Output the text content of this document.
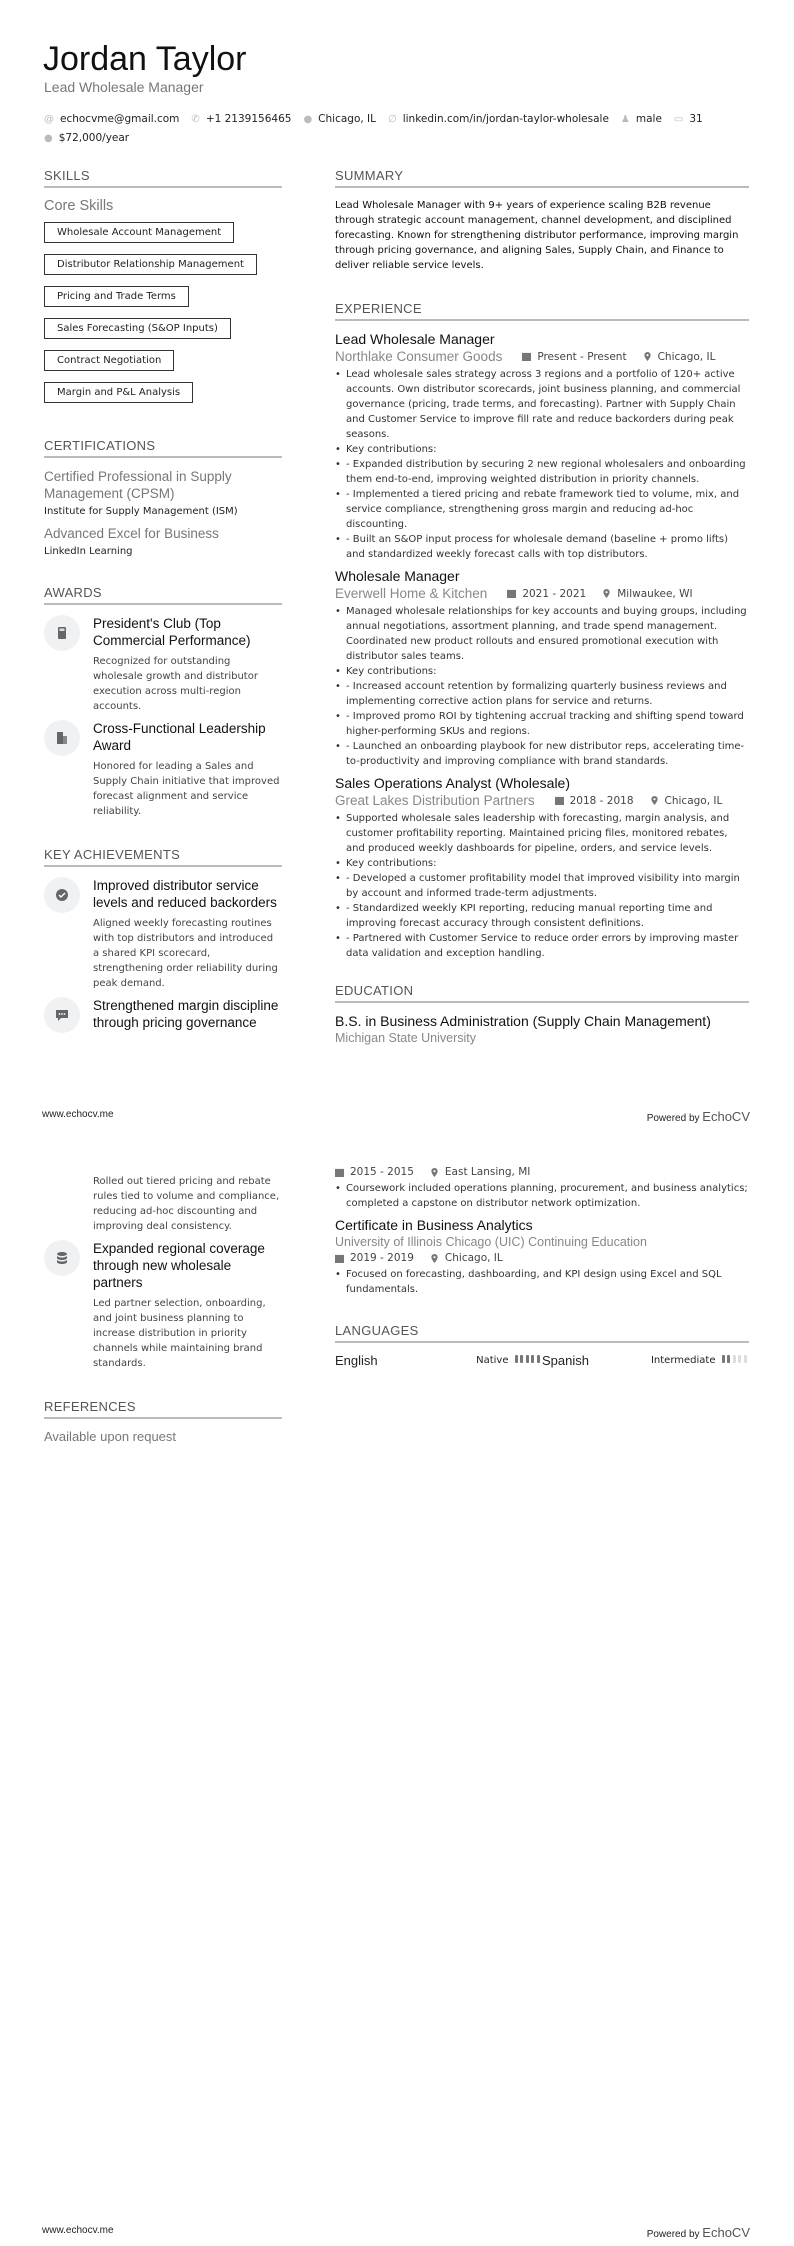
Jordan Taylor
Lead Wholesale Manager
@ echocvme@gmail.com ✆ +1 2139156465 ● Chicago, IL ∅ linkedin.com/in/jordan-taylor-wholesale ♟ male ▭ 31
● $72,000/year
SKILLS
Core Skills
Wholesale Account Management
Distributor Relationship Management
Pricing and Trade Terms
Sales Forecasting (S&OP Inputs)
Contract Negotiation
Margin and P&L Analysis
CERTIFICATIONS
Certified Professional in Supply Management (CPSM)
Institute for Supply Management (ISM)
Advanced Excel for Business
LinkedIn Learning
AWARDS
President's Club (Top Commercial Performance)
Recognized for outstanding wholesale growth and distributor execution across multi-region accounts.
Cross-Functional Leadership Award
Honored for leading a Sales and Supply Chain initiative that improved forecast alignment and service reliability.
KEY ACHIEVEMENTS
Improved distributor service levels and reduced backorders
Aligned weekly forecasting routines with top distributors and introduced a shared KPI scorecard, strengthening order reliability during peak demand.
Strengthened margin discipline through pricing governance
SUMMARY
Lead Wholesale Manager with 9+ years of experience scaling B2B revenue through strategic account management, channel development, and disciplined forecasting. Known for strengthening distributor performance, improving margin through pricing governance, and aligning Sales, Supply Chain, and Finance to deliver reliable service levels.
EXPERIENCE
Lead Wholesale Manager
Northlake Consumer Goods	Present - Present	Chicago, IL
• Lead wholesale sales strategy across 3 regions and a portfolio of 120+ active accounts. Own distributor scorecards, joint business planning, and commercial governance (pricing, trade terms, and forecasting). Partner with Supply Chain and Customer Service to improve fill rate and reduce backorders during peak seasons.
• Key contributions:
• - Expanded distribution by securing 2 new regional wholesalers and onboarding them end-to-end, improving weighted distribution in priority channels.
• - Implemented a tiered pricing and rebate framework tied to volume, mix, and service compliance, strengthening gross margin and reducing ad-hoc discounting.
• - Built an S&OP input process for wholesale demand (baseline + promo lifts) and standardized weekly forecast calls with top distributors.
Wholesale Manager
Everwell Home & Kitchen	2021 - 2021	Milwaukee, WI
• Managed wholesale relationships for key accounts and buying groups, including annual negotiations, assortment planning, and trade spend management. Coordinated new product rollouts and ensured promotional execution with distributor sales teams.
• Key contributions:
• - Increased account retention by formalizing quarterly business reviews and implementing corrective action plans for service and returns.
• - Improved promo ROI by tightening accrual tracking and shifting spend toward higher-performing SKUs and regions.
• - Launched an onboarding playbook for new distributor reps, accelerating time-to-productivity and improving compliance with brand standards.
Sales Operations Analyst (Wholesale)
Great Lakes Distribution Partners	2018 - 2018	Chicago, IL
• Supported wholesale sales leadership with forecasting, margin analysis, and customer profitability reporting. Maintained pricing files, monitored rebates, and produced weekly dashboards for pipeline, orders, and service levels.
• Key contributions:
• - Developed a customer profitability model that improved visibility into margin by account and informed trade-term adjustments.
• - Standardized weekly KPI reporting, reducing manual reporting time and improving forecast accuracy through consistent definitions.
• - Partnered with Customer Service to reduce order errors by improving master data validation and exception handling.
EDUCATION
B.S. in Business Administration (Supply Chain Management)
Michigan State University
www.echocv.me	Powered by EchoCV
Rolled out tiered pricing and rebate rules tied to volume and compliance, reducing ad-hoc discounting and improving deal consistency.
Expanded regional coverage through new wholesale partners
Led partner selection, onboarding, and joint business planning to increase distribution in priority channels while maintaining brand standards.
REFERENCES
Available upon request
2015 - 2015	East Lansing, MI
• Coursework included operations planning, procurement, and business analytics; completed a capstone on distributor network optimization.
Certificate in Business Analytics
University of Illinois Chicago (UIC) Continuing Education
2019 - 2019	Chicago, IL
• Focused on forecasting, dashboarding, and KPI design using Excel and SQL fundamentals.
LANGUAGES
English	Native	Spanish	Intermediate
www.echocv.me	Powered by EchoCV
